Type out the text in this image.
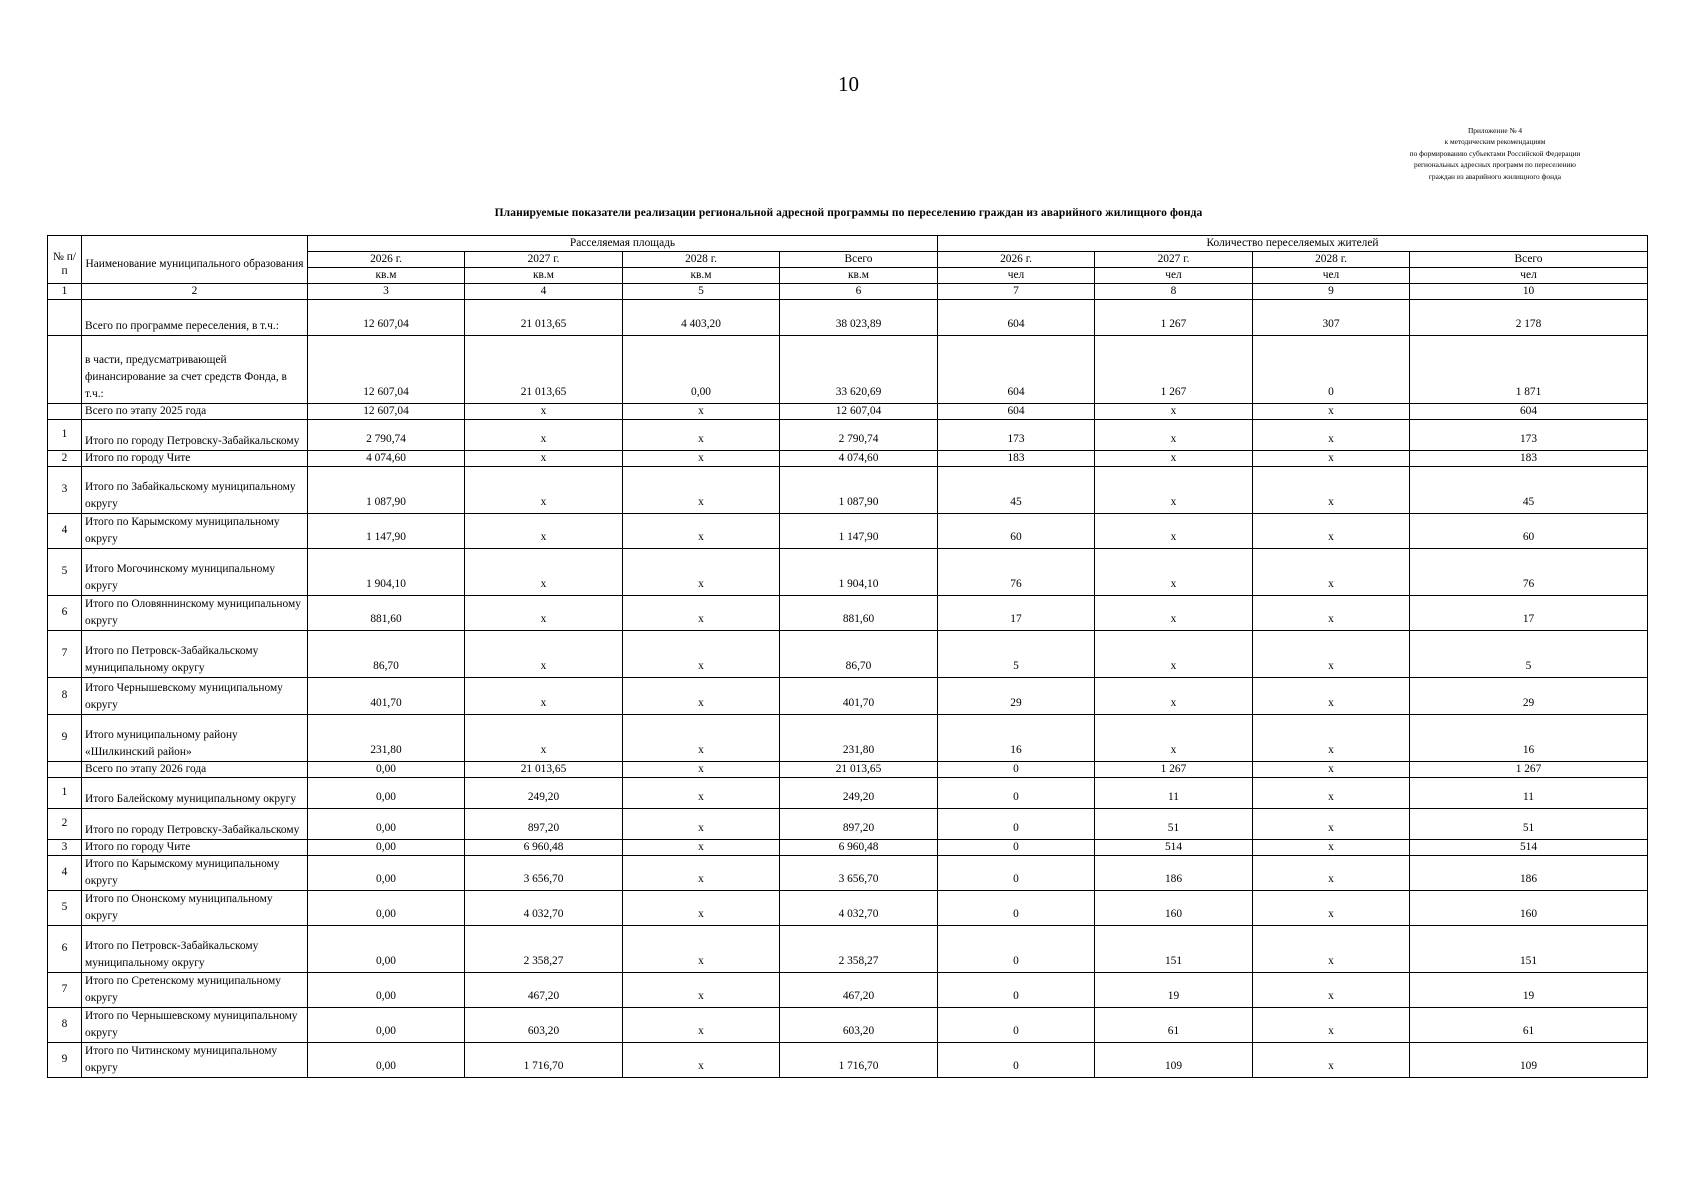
10
Приложение № 4
к методическим рекомендациям
по формированию субъектами Российской Федерации
региональных адресных программ по переселению
граждан из аварийного жилищного фонда
Планируемые показатели реализации региональной адресной программы по переселению граждан из аварийного жилищного фонда
№ п/п	Наименование муниципального образования	Расселяемая площадь				Количество переселяемых жителей			
		2026 г.	2027 г.	2028 г.	Всего	2026 г.	2027 г.	2028 г.	Всего
		кв.м	кв.м	кв.м	кв.м	чел	чел	чел	чел
1	2	3	4	5	6	7	8	9	10
	Всего по программе переселения, в т.ч.:	12 607,04	21 013,65	4 403,20	38 023,89	604	1 267	307	2 178
	в части, предусматривающей финансирование за счет средств Фонда, в т.ч.:	12 607,04	21 013,65	0,00	33 620,69	604	1 267	0	1 871
	Всего по этапу 2025 года	12 607,04	х	х	12 607,04	604	х	х	604
1	Итого по городу Петровску-Забайкальскому	2 790,74	х	х	2 790,74	173	х	х	173
2	Итого по городу Чите	4 074,60	х	х	4 074,60	183	х	х	183
3	Итого по Забайкальскому муниципальному округу	1 087,90	х	х	1 087,90	45	х	х	45
4	Итого по Карымскому муниципальному округу	1 147,90	х	х	1 147,90	60	х	х	60
5	Итого Могочинскому муниципальному округу	1 904,10	х	х	1 904,10	76	х	х	76
6	Итого по Оловяннинскому муниципальному округу	881,60	х	х	881,60	17	х	х	17
7	Итого по Петровск-Забайкальскому муниципальному округу	86,70	х	х	86,70	5	х	х	5
8	Итого Чернышевскому муниципальному округу	401,70	х	х	401,70	29	х	х	29
9	Итого муниципальному району «Шилкинский район»	231,80	х	х	231,80	16	х	х	16
	Всего по этапу 2026 года	0,00	21 013,65	х	21 013,65	0	1 267	х	1 267
1	Итого Балейскому муниципальному округу	0,00	249,20	х	249,20	0	11	х	11
2	Итого по городу Петровску-Забайкальскому	0,00	897,20	х	897,20	0	51	х	51
3	Итого по городу Чите	0,00	6 960,48	х	6 960,48	0	514	х	514
4	Итого по Карымскому муниципальному округу	0,00	3 656,70	х	3 656,70	0	186	х	186
5	Итого по Ононскому муниципальному округу	0,00	4 032,70	х	4 032,70	0	160	х	160
6	Итого по Петровск-Забайкальскому муниципальному округу	0,00	2 358,27	х	2 358,27	0	151	х	151
7	Итого по Сретенскому муниципальному округу	0,00	467,20	х	467,20	0	19	х	19
8	Итого по Чернышевскому муниципальному округу	0,00	603,20	х	603,20	0	61	х	61
9	Итого по Читинскому муниципальному округу	0,00	1 716,70	х	1 716,70	0	109	х	109
